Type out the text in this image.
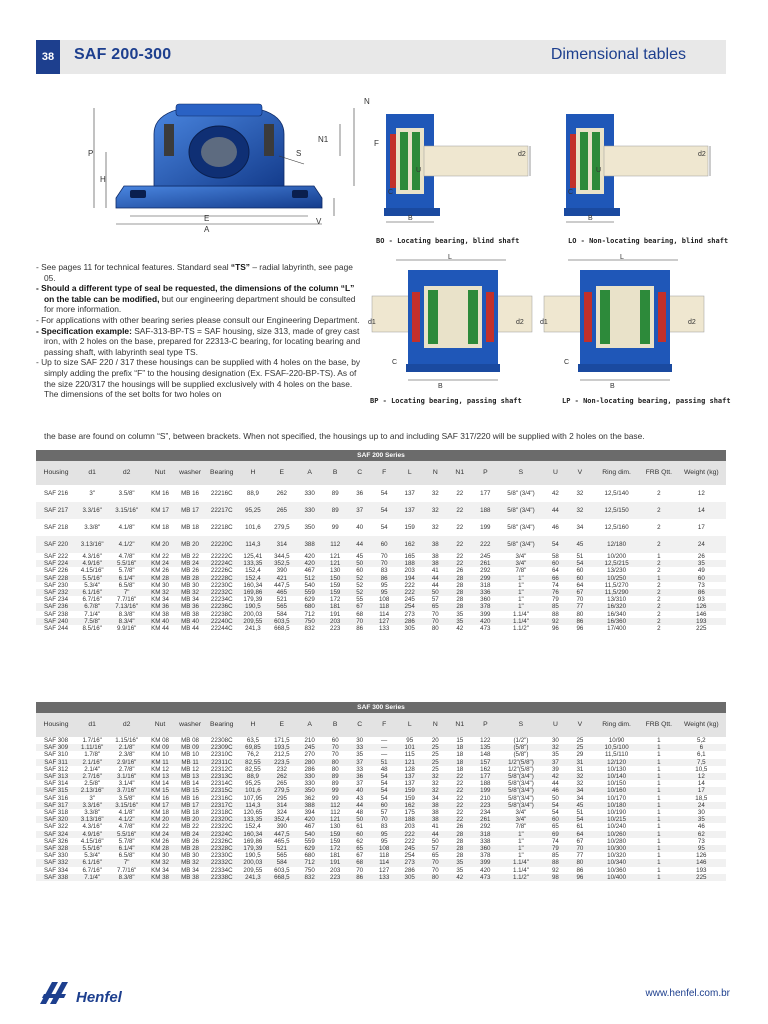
38	SAF 200-300	Dimensional tables
A
E
P
H
V
S
N
N1	F
U
d2
C
B
BO - Locating bearing, blind shaft
U
d2
C
B
LO - Non-locating bearing, blind shaft
L
d1	d2
C
B
BP - Locating bearing, passing shaft
L
d1	d2
C
B
LP - Non-locating bearing, passing shaft

- See pages 11 for technical features. Standard seal “TS” – radial labyrinth, see page 05.

- Should a different type of seal be requested, the dimensions of the column “L” on the table can be modified, but our engineering department should be consulted for more information.

- For applications with other bearing series please consult our Engineering Department.

- Specification example: SAF-313-BP-TS = SAF housing, size 313, made of grey cast iron, with 2 holes on the base, prepared for 22313-C bearing, for locating bearing and passing shaft, with labyrinth seal type TS.

- Up to size SAF 220 / 317 these housings can be supplied with 4 holes on the base, by simply adding the prefix “F” to the housing designation (Ex. FSAF-220-BP-TS). As of the size 220/317 the housings will be supplied exclusively with 4 holes on the base. The dimensions of the set bolts for two holes on

the base are found on column “S”, between brackets. When not specified, the housings up to and including SAF 317/220 will be supplied with 2 holes on the base.
SAF 200 Series																					
Housing	d1	d2	Nut	washer	Bearing	H	E	A	B	C	F	L	N	N1	P	S	U	V	Ring dim.	FRB Qtt.	Weight (kg)
SAF 216	3"	3.5/8"	KM 16	MB 16	22216C	88,9	262	330	89	36	54	137	32	22	177	5/8" (3/4")	42	32	12,5/140	2	12
SAF 217	3.3/16"	3.15/16"	KM 17	MB 17	22217C	95,25	265	330	89	37	54	137	32	22	188	5/8" (3/4")	44	32	12,5/150	2	14
SAF 218	3.3/8"	4.1/8"	KM 18	MB 18	22218C	101,6	279,5	350	99	40	54	159	32	22	199	5/8" (3/4")	46	34	12,5/160	2	17
SAF 220	3.13/16"	4.1/2"	KM 20	MB 20	22220C	114,3	314	388	112	44	60	162	38	22	222	5/8" (3/4")	54	45	12/180	2	24
SAF 222	4.3/16"	4.7/8"	KM 22	MB 22	22222C	125,41	344,5	420	121	45	70	165	38	22	245	3/4"	58	51	10/200	1	26
SAF 224	4.9/16"	5.5/16"	KM 24	MB 24	22224C	133,35	352,5	420	121	50	70	188	38	22	261	3/4"	60	54	12,5/215	2	35
SAF 226	4.15/16"	5.7/8"	KM 26	MB 26	22226C	152,4	390	467	130	60	83	203	41	26	292	7/8"	64	60	13/230	2	49
SAF 228	5.5/16"	6.1/4"	KM 28	MB 28	22228C	152,4	421	512	150	52	86	194	44	28	299	1"	66	60	10/250	1	60
SAF 230	5.3/4"	6.5/8"	KM 30	MB 30	22230C	160,34	447,5	540	159	52	95	222	44	28	318	1"	74	64	11,5/270	2	73
SAF 232	6.1/16"	7"	KM 32	MB 32	22232C	169,86	465	559	159	52	95	222	50	28	336	1"	76	67	11,5/290	2	86
SAF 234	6.7/16"	7.7/16"	KM 34	MB 34	22234C	179,39	521	629	172	55	108	245	57	28	360	1"	79	70	13/310	2	93
SAF 236	6.7/8"	7.13/16"	KM 36	MB 36	22236C	190,5	565	680	181	67	118	254	65	28	378	1"	85	77	16/320	2	126
SAF 238	7.1/4"	8.3/8"	KM 38	MB 38	22238C	200,03	584	712	191	68	114	273	70	35	399	1.1/4"	88	80	16/340	2	146
SAF 240	7.5/8"	8.3/4"	KM 40	MB 40	22240C	209,55	603,5	750	203	70	127	286	70	35	420	1.1/4"	92	86	16/360	2	193
SAF 244	8.5/16"	9.9/16"	KM 44	MB 44	22244C	241,3	668,5	832	223	86	133	305	80	42	473	1.1/2"	96	96	17/400	2	225
SAF 300 Series																					
Housing	d1	d2	Nut	washer	Bearing	H	E	A	B	C	F	L	N	N1	P	S	U	V	Ring dim.	FRB Qtt.	Weight (kg)
SAF 308	1.7/16"	1.15/16"	KM 08	MB 08	22308C	63,5	171,5	210	60	30	—	95	20	15	122	(1/2")	30	25	10/90	1	5,2
SAF 309	1.11/16"	2.1/8"	KM 09	MB 09	22309C	69,85	193,5	245	70	33	—	101	25	18	135	(5/8")	32	25	10,5/100	1	6
SAF 310	1.7/8"	2.3/8"	KM 10	MB 10	22310C	76,2	212,5	270	70	35	—	115	25	18	148	(5/8")	35	29	11,5/110	1	6,1
SAF 311	2.1/16"	2.9/16"	KM 11	MB 11	22311C	82,55	223,5	280	80	37	51	121	25	18	157	1/2"(5/8")	37	31	12/120	1	7,5
SAF 312	2.1/4"	2.7/8"	KM 12	MB 12	22312C	82,55	232	286	80	33	48	128	25	18	162	1/2"(5/8")	39	31	10/130	1	10,5
SAF 313	2.7/16"	3.1/16"	KM 13	MB 13	22313C	88,9	262	330	89	36	54	137	32	22	177	5/8"(3/4")	42	32	10/140	1	12
SAF 314	2.5/8"	3.1/4"	KM 14	MB 14	22314C	95,25	265	330	89	37	54	137	32	22	188	5/8"(3/4")	44	32	10/150	1	14
SAF 315	2.13/16"	3.7/16"	KM 15	MB 15	22315C	101,6	279,5	350	99	40	54	159	32	22	199	5/8"(3/4")	46	34	10/160	1	17
SAF 316	3"	3.5/8"	KM 16	MB 16	22316C	107,95	295	362	99	43	54	159	34	22	210	5/8"(3/4")	50	34	10/170	1	18,5
SAF 317	3.3/16"	3.15/16"	KM 17	MB 17	22317C	114,3	314	388	112	44	60	162	38	22	223	5/8"(3/4")	54	45	10/180	1	24
SAF 318	3.3/8"	4.1/8"	KM 18	MB 18	22318C	120,65	324	394	112	48	57	175	38	22	234	3/4"	54	51	10/190	1	30
SAF 320	3.13/16"	4.1/2"	KM 20	MB 20	22320C	133,35	352,4	420	121	50	70	188	38	22	261	3/4"	60	54	10/215	1	35
SAF 322	4.3/16"	4.7/8"	KM 22	MB 22	22322C	152,4	390	467	130	61	83	203	41	26	292	7/8"	65	61	10/240	1	46
SAF 324	4.9/16"	5.5/16"	KM 24	MB 24	22324C	160,34	447,5	540	159	60	95	222	44	28	318	1"	69	64	10/260	1	62
SAF 326	4.15/16"	5.7/8"	KM 26	MB 26	22326C	169,86	465,5	559	159	62	95	222	50	28	338	1"	74	67	10/280	1	73
SAF 328	5.5/16"	6.1/4"	KM 28	MB 28	22328C	179,39	521	629	172	65	108	245	57	28	360	1"	79	70	10/300	1	95
SAF 330	5.3/4"	6.5/8"	KM 30	MB 30	22330C	190,5	565	680	181	67	118	254	65	28	378	1"	85	77	10/320	1	126
SAF 332	6.1/16"	7"	KM 32	MB 32	22332C	200,03	584	712	191	68	114	273	70	35	399	1.1/4"	88	80	10/340	1	146
SAF 334	6.7/16"	7.7/16"	KM 34	MB 34	22334C	209,55	603,5	750	203	70	127	286	70	35	420	1.1/4"	92	86	10/360	1	193
SAF 338	7.1/4"	8.3/8"	KM 38	MB 38	22338C	241,3	668,5	832	223	86	133	305	80	42	473	1.1/2"	98	96	10/400	1	225
Henfel	www.henfel.com.br
